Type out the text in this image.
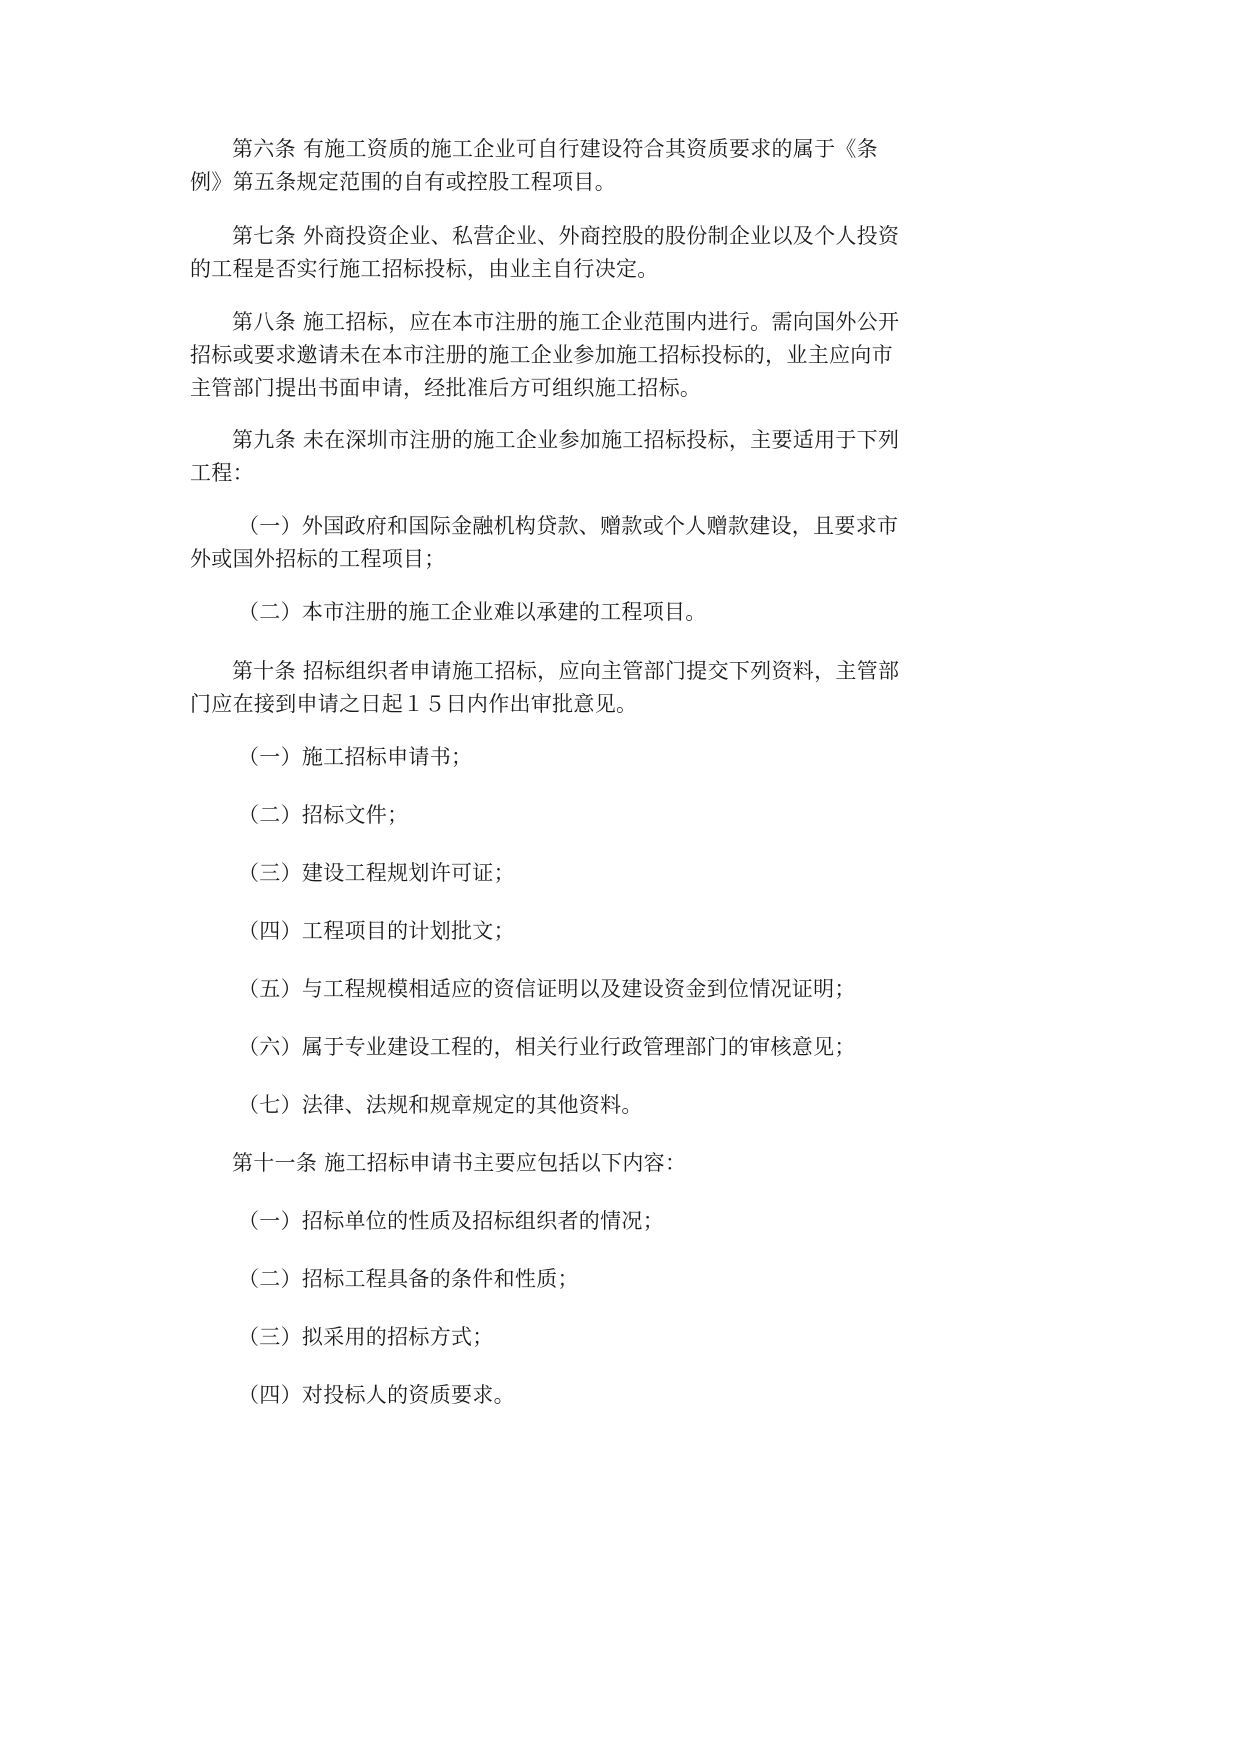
第六条 有施工资质的施工企业可自行建设符合其资质要求的属于《条例》第五条规定范围的自有或控股工程项目。

第七条 外商投资企业、私营企业、外商控股的股份制企业以及个人投资的工程是否实行施工招标投标，由业主自行决定。

第八条 施工招标，应在本市注册的施工企业范围内进行。需向国外公开招标或要求邀请未在本市注册的施工企业参加施工招标投标的，业主应向市主管部门提出书面申请，经批准后方可组织施工招标。

第九条 未在深圳市注册的施工企业参加施工招标投标，主要适用于下列工程：

（一）外国政府和国际金融机构贷款、赠款或个人赠款建设，且要求市外或国外招标的工程项目；

（二）本市注册的施工企业难以承建的工程项目。

第十条 招标组织者申请施工招标，应向主管部门提交下列资料，主管部门应在接到申请之日起１５日内作出审批意见。

（一）施工招标申请书；

（二）招标文件；

（三）建设工程规划许可证；

（四）工程项目的计划批文；

（五）与工程规模相适应的资信证明以及建设资金到位情况证明；

（六）属于专业建设工程的，相关行业行政管理部门的审核意见；

（七）法律、法规和规章规定的其他资料。

第十一条 施工招标申请书主要应包括以下内容：

（一）招标单位的性质及招标组织者的情况；

（二）招标工程具备的条件和性质；

（三）拟采用的招标方式；

（四）对投标人的资质要求。
